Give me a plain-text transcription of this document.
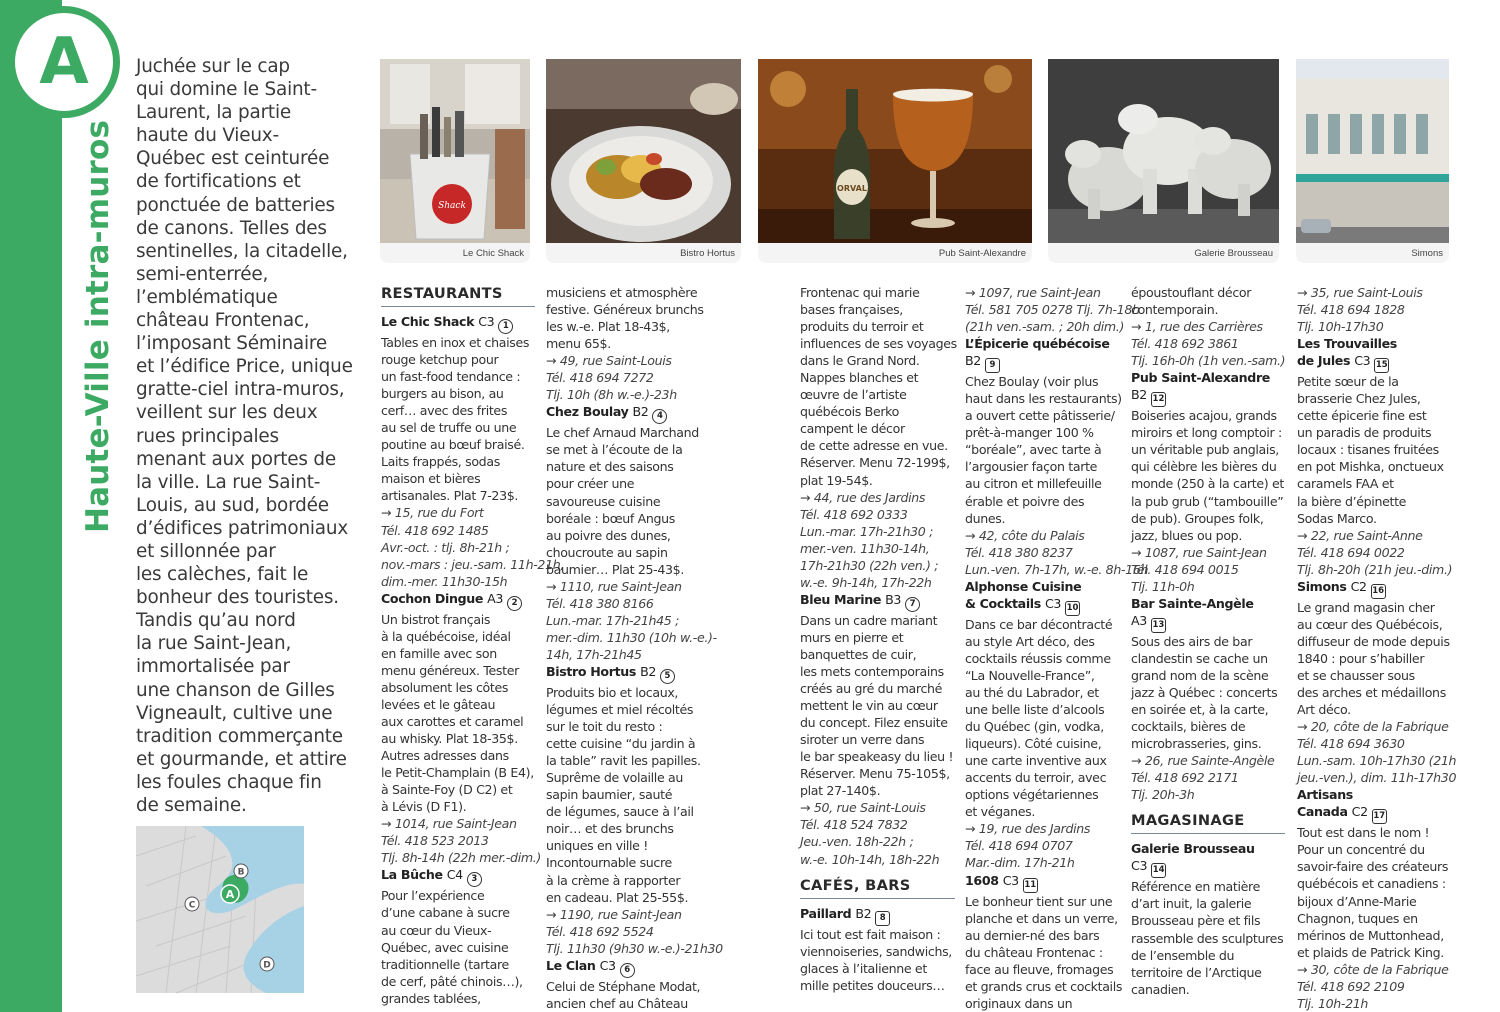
A
Haute-Ville intra-muros
Juchée sur le cap
qui domine le Saint-
Laurent, la partie
haute du Vieux-
Québec est ceinturée
de fortifications et
ponctuée de batteries
de canons. Telles des
sentinelles, la citadelle,
semi-enterrée,
l’emblématique
château Frontenac,
l’imposant Séminaire
et l’édifice Price, unique
gratte-ciel intra-muros,
veillent sur les deux
rues principales
menant aux portes de
la ville. La rue Saint-
Louis, au sud, bordée
d’édifices patrimoniaux
et sillonnée par
les calèches, fait le
bonheur des touristes.
Tandis qu’au nord
la rue Saint-Jean,
immortalisée par
une chanson de Gilles
Vigneault, cultive une
tradition commerçante
et gourmande, et attire
les foules chaque fin
de semaine.
A
B
C
D
Shack
Le Chic Shack	Bistro Hortus
ORVAL
Pub Saint-Alexandre	Galerie Brousseau	Simons
RESTAURANTS
Le Chic Shack C3 1
Tables en inox et chaises
rouge ketchup pour
un fast-food tendance :
burgers au bison, au
cerf… avec des frites
au sel de truffe ou une
poutine au bœuf braisé.
Laits frappés, sodas
maison et bières
artisanales. Plat 7-23$.
→ 15, rue du Fort
Tél. 418 692 1485
Avr.-oct. : tlj. 8h-21h ;
nov.-mars : jeu.-sam. 11h-21h,
dim.-mer. 11h30-15h
Cochon Dingue A3 2
Un bistrot français
à la québécoise, idéal
en famille avec son
menu généreux. Tester
absolument les côtes
levées et le gâteau
aux carottes et caramel
au whisky. Plat 18-35$.
Autres adresses dans
le Petit-Champlain (B E4),
à Sainte-Foy (D C2) et
à Lévis (D F1).
→ 1014, rue Saint-Jean
Tél. 418 523 2013
Tlj. 8h-14h (22h mer.-dim.)
La Bûche C4 3
Pour l’expérience
d’une cabane à sucre
au cœur du Vieux-
Québec, avec cuisine
traditionnelle (tartare
de cerf, pâté chinois…),
grandes tablées,
musiciens et atmosphère
festive. Généreux brunchs
les w.-e. Plat 18-43$,
menu 65$.
→ 49, rue Saint-Louis
Tél. 418 694 7272
Tlj. 10h (8h w.-e.)-23h
Chez Boulay B2 4
Le chef Arnaud Marchand
se met à l’écoute de la
nature et des saisons
pour créer une
savoureuse cuisine
boréale : bœuf Angus
au poivre des dunes,
choucroute au sapin
baumier… Plat 25-43$.
→ 1110, rue Saint-Jean
Tél. 418 380 8166
Lun.-mar. 17h-21h45 ;
mer.-dim. 11h30 (10h w.-e.)-
14h, 17h-21h45
Bistro Hortus B2 5
Produits bio et locaux,
légumes et miel récoltés
sur le toit du resto :
cette cuisine “du jardin à
la table” ravit les papilles.
Suprême de volaille au
sapin baumier, sauté
de légumes, sauce à l’ail
noir… et des brunchs
uniques en ville !
Incontournable sucre
à la crème à rapporter
en cadeau. Plat 25-55$.
→ 1190, rue Saint-Jean
Tél. 418 692 5524
Tlj. 11h30 (9h30 w.-e.)-21h30
Le Clan C3 6
Celui de Stéphane Modat,
ancien chef au Château
Frontenac qui marie
bases françaises,
produits du terroir et
influences de ses voyages
dans le Grand Nord.
Nappes blanches et
œuvre de l’artiste
québécois Berko
campent le décor
de cette adresse en vue.
Réserver. Menu 72-199$,
plat 19-54$.
→ 44, rue des Jardins
Tél. 418 692 0333
Lun.-mar. 17h-21h30 ;
mer.-ven. 11h30-14h,
17h-21h30 (22h ven.) ;
w.-e. 9h-14h, 17h-22h
Bleu Marine B3 7
Dans un cadre mariant
murs en pierre et
banquettes de cuir,
les mets contemporains
créés au gré du marché
mettent le vin au cœur
du concept. Filez ensuite
siroter un verre dans
le bar speakeasy du lieu !
Réserver. Menu 75-105$,
plat 27-140$.
→ 50, rue Saint-Louis
Tél. 418 524 7832
Jeu.-ven. 18h-22h ;
w.-e. 10h-14h, 18h-22h
CAFÉS, BARS
Paillard B2 8
Ici tout est fait maison :
viennoiseries, sandwichs,
glaces à l’italienne et
mille petites douceurs…
→ 1097, rue Saint-Jean
Tél. 581 705 0278 Tlj. 7h-18h
(21h ven.-sam. ; 20h dim.)
L’Épicerie québécoise
B2 9
Chez Boulay (voir plus
haut dans les restaurants)
a ouvert cette pâtisserie/
prêt-à-manger 100 %
“boréale”, avec tarte à
l’argousier façon tarte
au citron et millefeuille
érable et poivre des
dunes.
→ 42, côte du Palais
Tél. 418 380 8237
Lun.-ven. 7h-17h, w.-e. 8h-16h
Alphonse Cuisine
& Cocktails C3 10
Dans ce bar décontracté
au style Art déco, des
cocktails réussis comme
“La Nouvelle-France”,
au thé du Labrador, et
une belle liste d’alcools
du Québec (gin, vodka,
liqueurs). Côté cuisine,
une carte inventive aux
accents du terroir, avec
options végétariennes
et véganes.
→ 19, rue des Jardins
Tél. 418 694 0707
Mar.-dim. 17h-21h
1608 C3 11
Le bonheur tient sur une
planche et dans un verre,
au dernier-né des bars
du château Frontenac :
face au fleuve, fromages
et grands crus et cocktails
originaux dans un
époustouflant décor
contemporain.
→ 1, rue des Carrières
Tél. 418 692 3861
Tlj. 16h-0h (1h ven.-sam.)
Pub Saint-Alexandre
B2 12
Boiseries acajou, grands
miroirs et long comptoir :
un véritable pub anglais,
qui célèbre les bières du
monde (250 à la carte) et
la pub grub (“tambouille”
de pub). Groupes folk,
jazz, blues ou pop.
→ 1087, rue Saint-Jean
Tél. 418 694 0015
Tlj. 11h-0h
Bar Sainte-Angèle
A3 13
Sous des airs de bar
clandestin se cache un
grand nom de la scène
jazz à Québec : concerts
en soirée et, à la carte,
cocktails, bières de
microbrasseries, gins.
→ 26, rue Sainte-Angèle
Tél. 418 692 2171
Tlj. 20h-3h
MAGASINAGE
Galerie Brousseau
C3 14
Référence en matière
d’art inuit, la galerie
Brousseau père et fils
rassemble des sculptures
de l’ensemble du
territoire de l’Arctique
canadien.
→ 35, rue Saint-Louis
Tél. 418 694 1828
Tlj. 10h-17h30
Les Trouvailles
de Jules C3 15
Petite sœur de la
brasserie Chez Jules,
cette épicerie fine est
un paradis de produits
locaux : tisanes fruitées
en pot Mishka, onctueux
caramels FAA et
la bière d’épinette
Sodas Marco.
→ 22, rue Saint-Anne
Tél. 418 694 0022
Tlj. 8h-20h (21h jeu.-dim.)
Simons C2 16
Le grand magasin cher
au cœur des Québécois,
diffuseur de mode depuis
1840 : pour s’habiller
et se chausser sous
des arches et médaillons
Art déco.
→ 20, côte de la Fabrique
Tél. 418 694 3630
Lun.-sam. 10h-17h30 (21h
jeu.-ven.), dim. 11h-17h30
Artisans
Canada C2 17
Tout est dans le nom !
Pour un concentré du
savoir-faire des créateurs
québécois et canadiens :
bijoux d’Anne-Marie
Chagnon, tuques en
mérinos de Muttonhead,
et plaids de Patrick King.
→ 30, côte de la Fabrique
Tél. 418 692 2109
Tlj. 10h-21h
